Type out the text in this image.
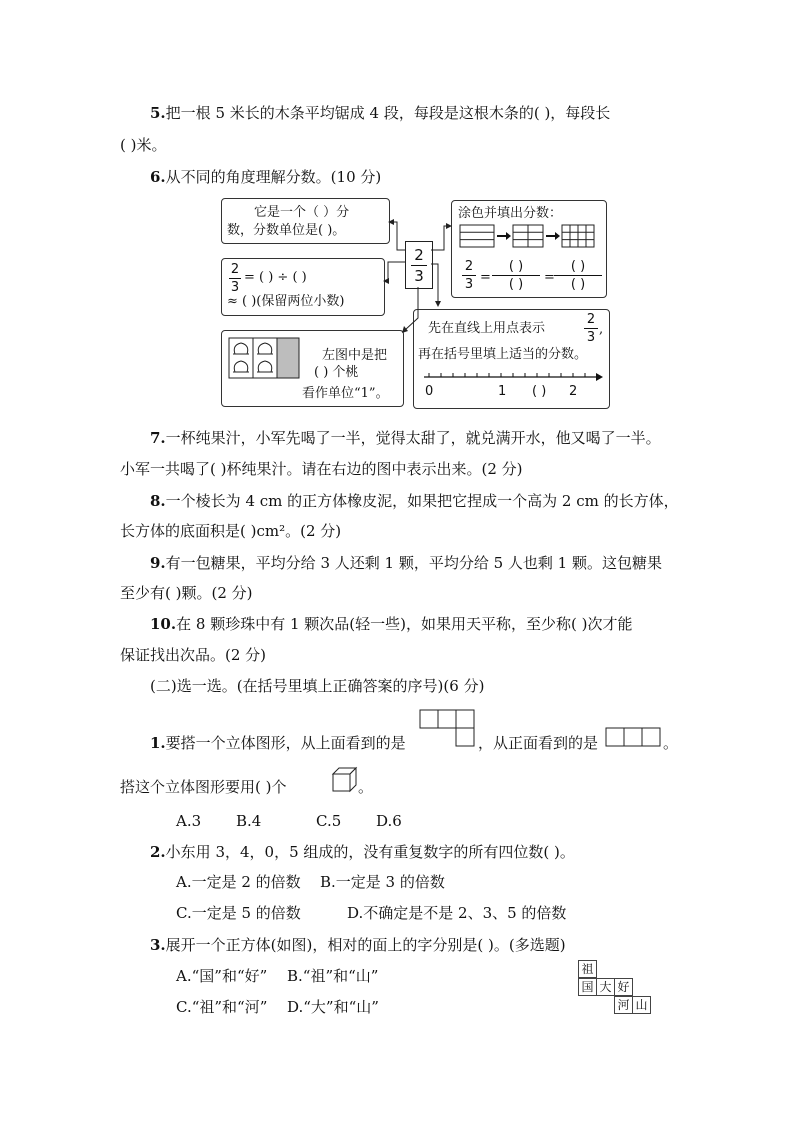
5.把一根 5 米长的木条平均锯成 4 段，每段是这根木条的( )，每段长
( )米。
6.从不同的角度理解分数。(10 分)
它是一个（ ）分
数，分数单位是( )。
2
3
= ( ) ÷ ( )
≈ ( )(保留两位小数)
2
3
涂色并填出分数：
2
3 =
( )
( )	=
( )
( )
先在直线上用点表示
2
3
,
再在括号里填上适当的分数。
0	1 ( ) 2
左图中是把
( ) 个桃
看作单位“1”。
7.一杯纯果汁，小军先喝了一半，觉得太甜了，就兑满开水，他又喝了一半。
小军一共喝了( )杯纯果汁。请在右边的图中表示出来。(2 分)
8.一个棱长为 4 cm 的正方体橡皮泥，如果把它捏成一个高为 2 cm 的长方体，
长方体的底面积是( )cm²。(2 分)
9.有一包糖果，平均分给 3 人还剩 1 颗，平均分给 5 人也剩 1 颗。这包糖果
至少有( )颗。(2 分)
10.在 8 颗珍珠中有 1 颗次品(轻一些)，如果用天平称，至少称( )次才能
保证找出次品。(2 分)
(二)选一选。(在括号里填上正确答案的序号)(6 分)
1.要搭一个立体图形，从上面看到的是	，从正面看到的是	。
搭这个立体图形要用( )个	。
A.3 B.4	C.5 D.6
2.小东用 3，4，0，5 组成的，没有重复数字的所有四位数( )。
A.一定是 2 的倍数 B.一定是 3 的倍数
C.一定是 5 的倍数	D.不确定是不是 2、3、5 的倍数
3.展开一个正方体(如图)，相对的面上的字分别是( )。(多选题)
A.“国”和“好” B.“祖”和“山”
C.“祖”和“河” D.“大”和“山”
祖
国 大 好
河 山
